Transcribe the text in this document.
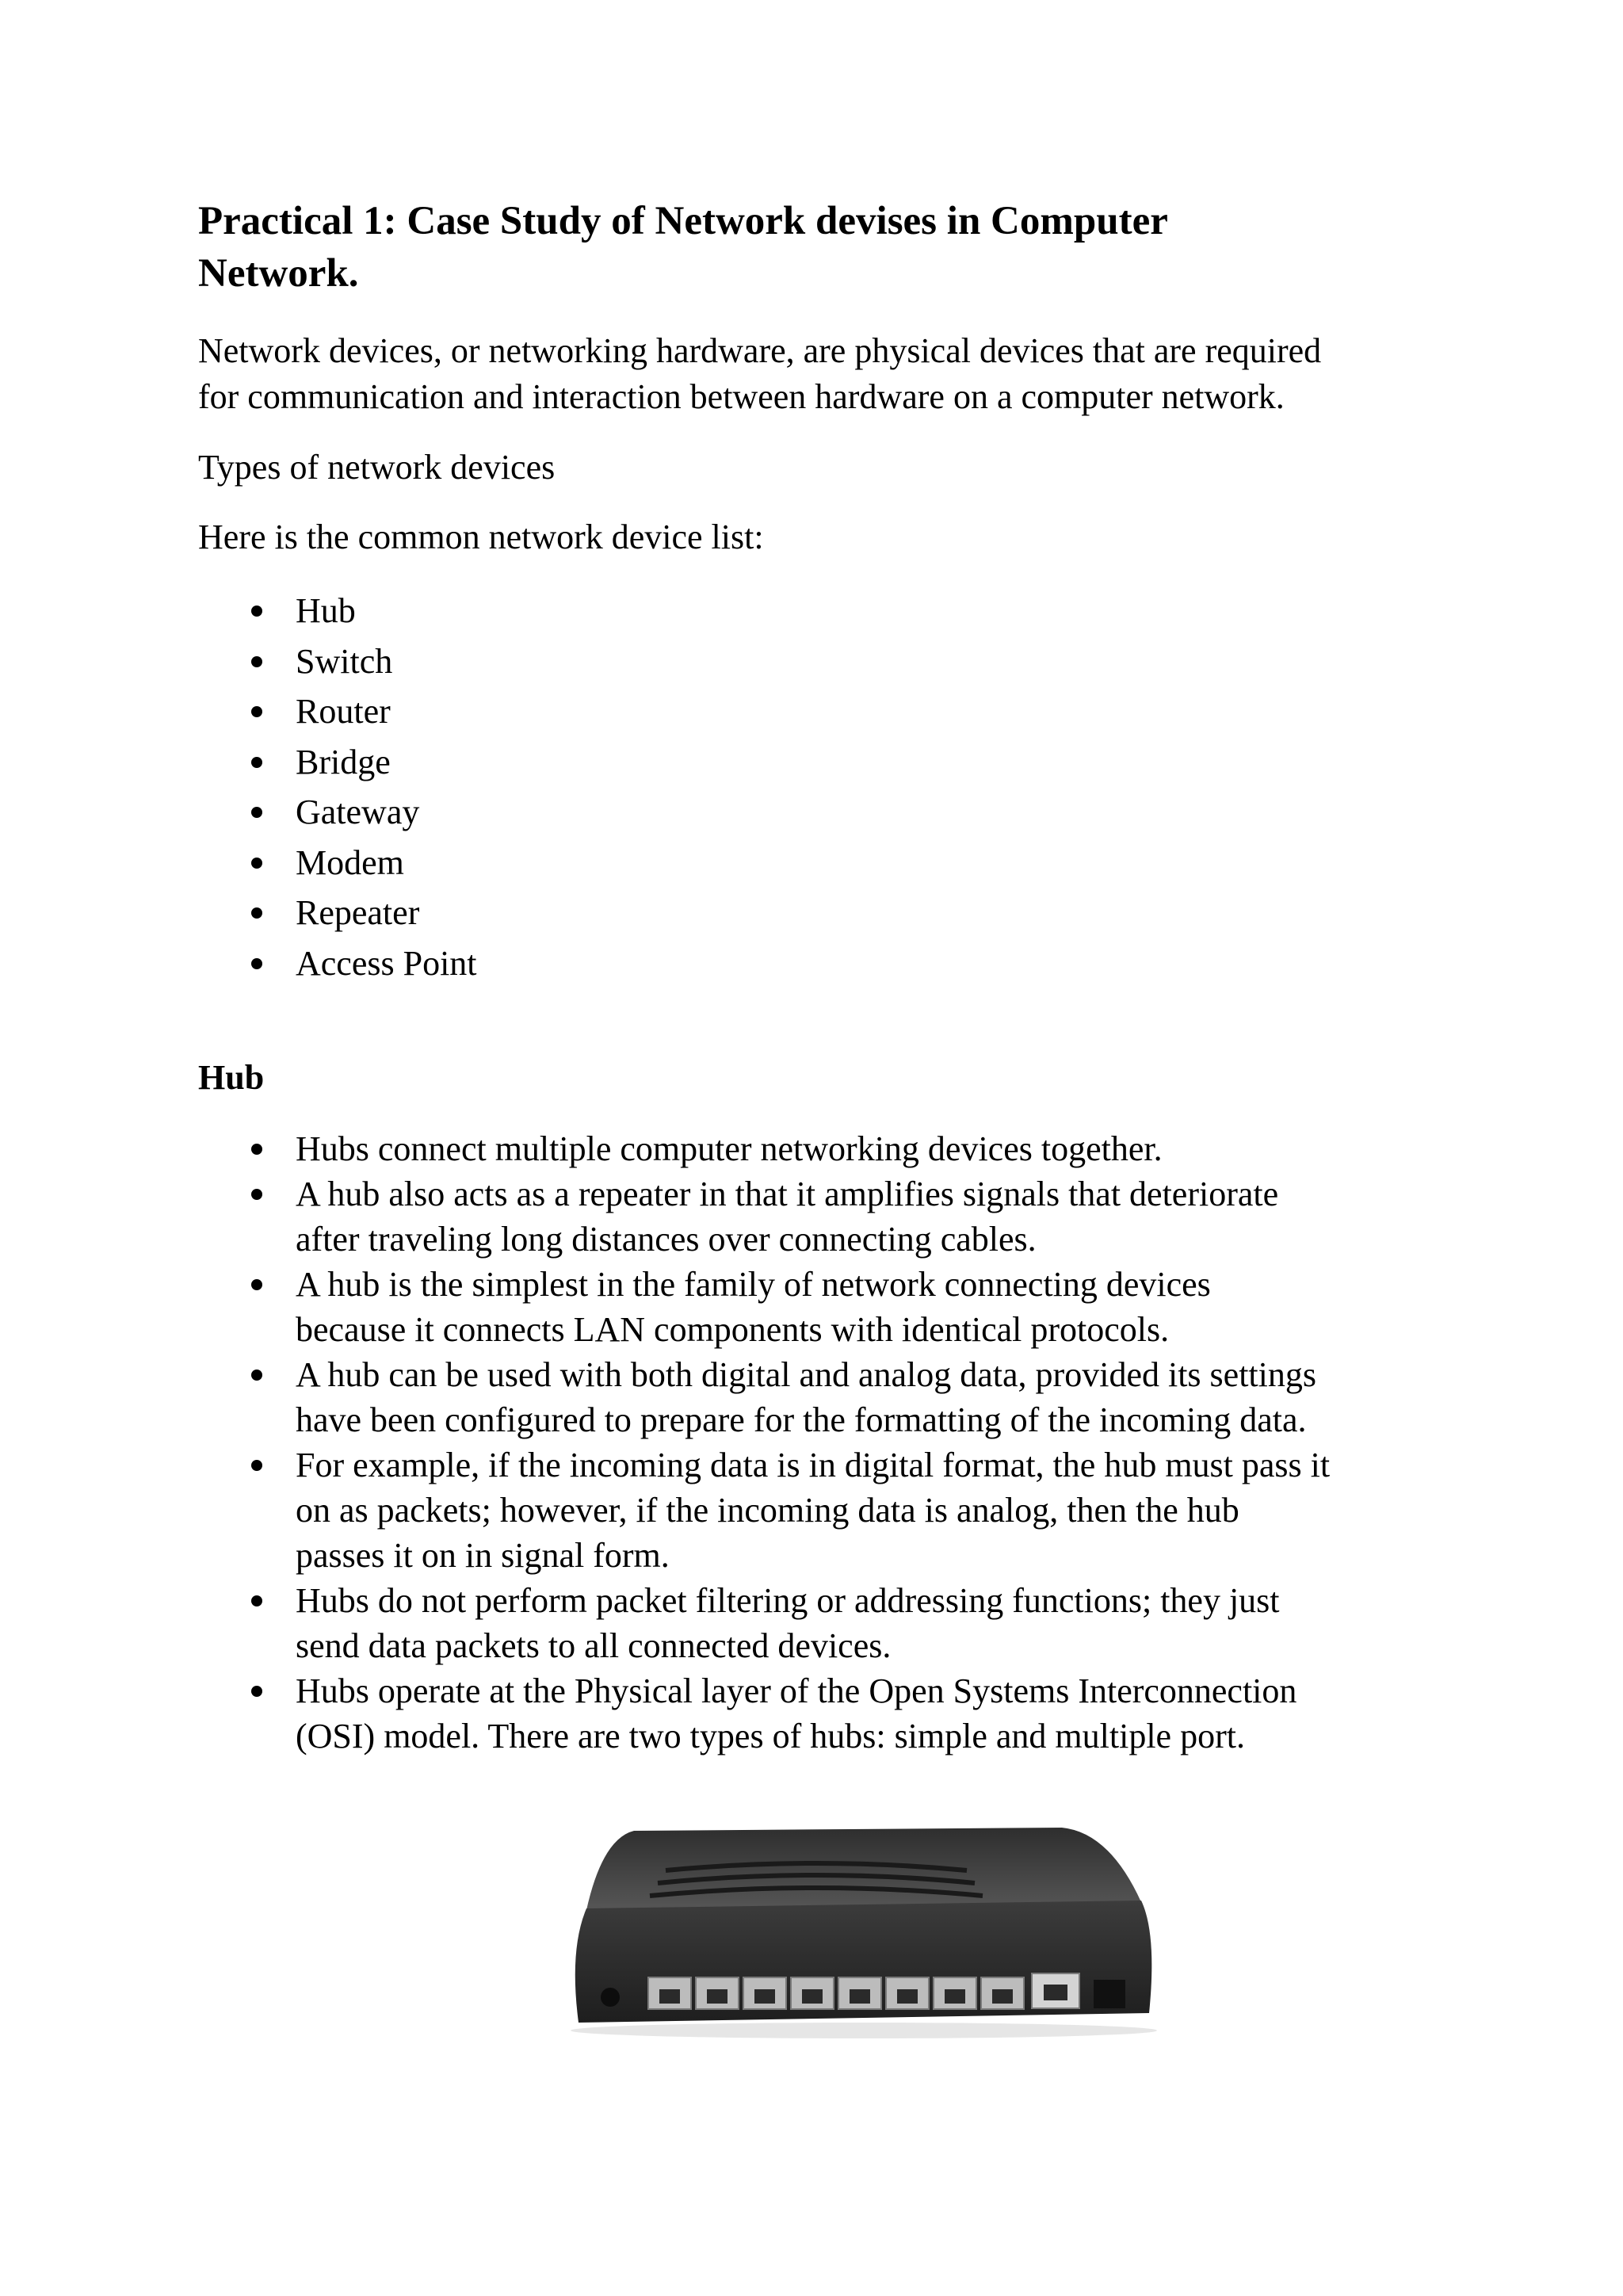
Practical 1: Case Study of Network devises in Computer
Network.

Network devices, or networking hardware, are physical devices that are required
for communication and interaction between hardware on a computer network.

Types of network devices

Here is the common network device list:

Hub
Switch
Router
Bridge
Gateway
Modem
Repeater
Access Point
Hub
Hubs connect multiple computer networking devices together.
A hub also acts as a repeater in that it amplifies signals that deteriorate
after traveling long distances over connecting cables.
A hub is the simplest in the family of network connecting devices
because it connects LAN components with identical protocols.
A hub can be used with both digital and analog data, provided its settings
have been configured to prepare for the formatting of the incoming data.
For example, if the incoming data is in digital format, the hub must pass it
on as packets; however, if the incoming data is analog, then the hub
passes it on in signal form.
Hubs do not perform packet filtering or addressing functions; they just
send data packets to all connected devices.
Hubs operate at the Physical layer of the Open Systems Interconnection
(OSI) model. There are two types of hubs: simple and multiple port.
